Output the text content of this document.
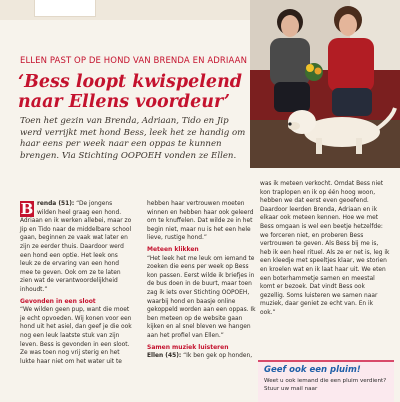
ELLEN PAST OP DE HOND VAN BRENDA EN ADRIAAN
‘Bess loopt kwispelend naar Ellens voordeur’
Toen het gezin van Brenda, Adriaan, Tido en Jip werd verrijkt met hond Bess, leek het ze handig om haar eens per week naar een oppas te kunnen brengen. Via Stichting OOPOEH vonden ze Ellen.

B renda (51): “De jongens wilden heel graag een hond. Adriaan en ik werken allebei, maar zo Jip en Tido naar de middelbare school gaan, beginnen ze vaak wat later en zijn ze eerder thuis. Daardoor werd een hond een optie. Het leek ons leuk ze de ervaring van een hond mee te geven. Ook om ze te laten zien wat de verantwoordelijkheid inhoudt.”

Gevonden in een sloot

“We wilden geen pup, want die moet je echt opvoeden. Wij konen voor een hond uit het asiel, dan geef je die ook nog een leuk laatste stuk van zijn leven. Bess is gevonden in een sloot. Ze was toen nog vrij sterig en het lukte haar niet om het water uit te

hebben haar vertrouwen moeten winnen en hebben haar ook geleerd om te knuffelen. Dat wilde ze in het begin niet, maar nu is het een hele lieve, rustige hond.”

Meteen klikken

“Het leek het me leuk om iemand te zoeken die eens per week op Bess kon passen. Eerst wilde ik briefjes in de bus doen in de buurt, maar toen zag ik iets over Stichting OOPOEH, waarbij hond en baasje online gekoppeld worden aan een oppas. Ik ben meteen op de website gaan kijken en al snel bleven we hangen aan het profiel van Ellen.”

Samen muziek luisteren

Ellen (45): “Ik ben gek op honden,

was ik meteen verkocht. Omdat Bess niet kon traplopen en ik op één hoog woon, hebben we dat eerst even geoefend. Daardoor leerden Brenda, Adriaan en ik elkaar ook meteen kennen. Hoe we met Bess omgaan is wel een beetje hetzelfde: we forceren niet, en proberen Bess vertrouwen te geven. Als Bess bij me is, heb ik een heel rituel. Als ze er net is, leg ik een kleedje met speeltjes klaar, we storien en kroelen wat en ik laat haar uit. We eten een boterhammetje samen en meestal komt er bezoek. Dat vindt Bess ook gezellig. Soms luisteren we samen naar muziek, daar geniet ze echt van. En ik ook.”

Geef ook een pluim!
Weet u ook iemand die een pluim verdient? Stuur uw mail naar
